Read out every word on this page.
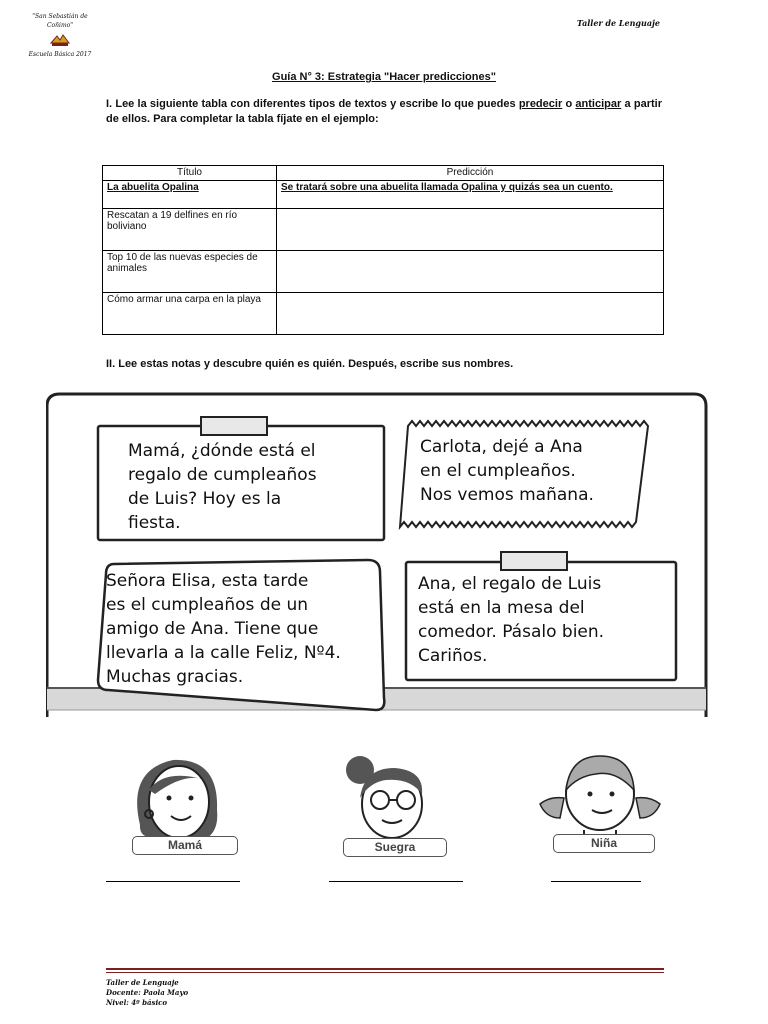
"San Sebastián de Coñimo"
Escuela Básica 2017
Taller de Lenguaje
Guía N° 3: Estrategia "Hacer predicciones"
I. Lee la siguiente tabla con diferentes tipos de textos y escribe lo que puedes predecir o anticipar a partir de ellos. Para completar la tabla fíjate en el ejemplo:
Título	Predicción
La abuelita Opalina	Se tratará sobre una abuelita llamada Opalina y quizás sea un cuento.
Rescatan a 19 delfines en río boliviano	
Top 10 de las nuevas especies de animales	
Cómo armar una carpa en la playa	
II. Lee estas notas y descubre quién es quién. Después, escribe sus nombres.
Mamá, ¿dónde está el
regalo de cumpleaños
de Luis? Hoy es la
fiesta.
Carlota, dejé a Ana
en el cumpleaños.
Nos vemos mañana.
Señora Elisa, esta tarde
es el cumpleaños de un
amigo de Ana. Tiene que
llevarla a la calle Feliz, Nº4.
Muchas gracias.
Ana, el regalo de Luis
está en la mesa del
comedor. Pásalo bien.
Cariños.
Mamá	Suegra	Niña
Taller de Lenguaje
Docente: Paola Mayo
Nivel: 4º básico
